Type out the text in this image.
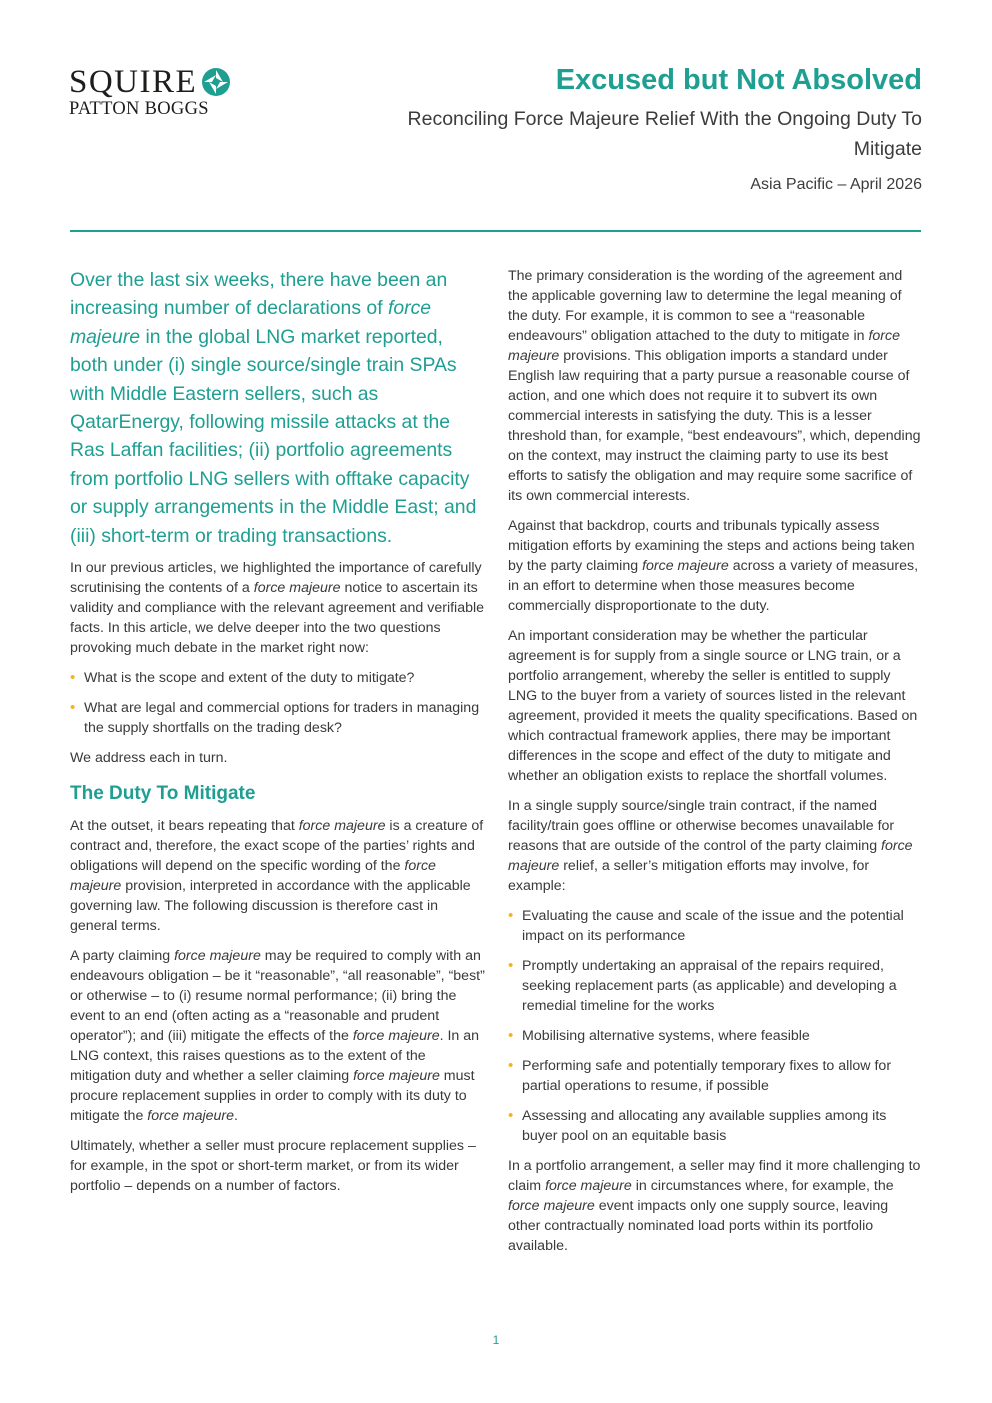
SQUIRE
PATTON BOGGS
Excused but Not Absolved
Reconciling Force Majeure Relief With the Ongoing Duty To Mitigate
Asia Pacific – April 2026

Over the last six weeks, there have been an increasing number of declarations of force majeure in the global LNG market reported, both under (i) single source/single train SPAs with Middle Eastern sellers, such as QatarEnergy, following missile attacks at the Ras Laffan facilities; (ii) portfolio agreements from portfolio LNG sellers with offtake capacity or supply arrangements in the Middle East; and (iii) short-term or trading transactions.

In our previous articles, we highlighted the importance of carefully scrutinising the contents of a force majeure notice to ascertain its validity and compliance with the relevant agreement and verifiable facts. In this article, we delve deeper into the two questions provoking much debate in the market right now:

• What is the scope and extent of the duty to mitigate?
• What are legal and commercial options for traders in managing the supply shortfalls on the trading desk?

We address each in turn.

The Duty To Mitigate

At the outset, it bears repeating that force majeure is a creature of contract and, therefore, the exact scope of the parties’ rights and obligations will depend on the specific wording of the force majeure provision, interpreted in accordance with the applicable governing law. The following discussion is therefore cast in general terms.

A party claiming force majeure may be required to comply with an endeavours obligation – be it “reasonable”, “all reasonable”, “best” or otherwise – to (i) resume normal performance; (ii) bring the event to an end (often acting as a “reasonable and prudent operator”); and (iii) mitigate the effects of the force majeure. In an LNG context, this raises questions as to the extent of the mitigation duty and whether a seller claiming force majeure must procure replacement supplies in order to comply with its duty to mitigate the force majeure.

Ultimately, whether a seller must procure replacement supplies – for example, in the spot or short-term market, or from its wider portfolio – depends on a number of factors.

The primary consideration is the wording of the agreement and the applicable governing law to determine the legal meaning of the duty. For example, it is common to see a “reasonable endeavours” obligation attached to the duty to mitigate in force majeure provisions. This obligation imports a standard under English law requiring that a party pursue a reasonable course of action, and one which does not require it to subvert its own commercial interests in satisfying the duty. This is a lesser threshold than, for example, “best endeavours”, which, depending on the context, may instruct the claiming party to use its best efforts to satisfy the obligation and may require some sacrifice of its own commercial interests.

Against that backdrop, courts and tribunals typically assess mitigation efforts by examining the steps and actions being taken by the party claiming force majeure across a variety of measures, in an effort to determine when those measures become commercially disproportionate to the duty.

An important consideration may be whether the particular agreement is for supply from a single source or LNG train, or a portfolio arrangement, whereby the seller is entitled to supply LNG to the buyer from a variety of sources listed in the relevant agreement, provided it meets the quality specifications. Based on which contractual framework applies, there may be important differences in the scope and effect of the duty to mitigate and whether an obligation exists to replace the shortfall volumes.

In a single supply source/single train contract, if the named facility/train goes offline or otherwise becomes unavailable for reasons that are outside of the control of the party claiming force majeure relief, a seller’s mitigation efforts may involve, for example:

• Evaluating the cause and scale of the issue and the potential impact on its performance
• Promptly undertaking an appraisal of the repairs required, seeking replacement parts (as applicable) and developing a remedial timeline for the works
• Mobilising alternative systems, where feasible
• Performing safe and potentially temporary fixes to allow for partial operations to resume, if possible
• Assessing and allocating any available supplies among its buyer pool on an equitable basis

In a portfolio arrangement, a seller may find it more challenging to claim force majeure in circumstances where, for example, the force majeure event impacts only one supply source, leaving other contractually nominated load ports within its portfolio available.

1
